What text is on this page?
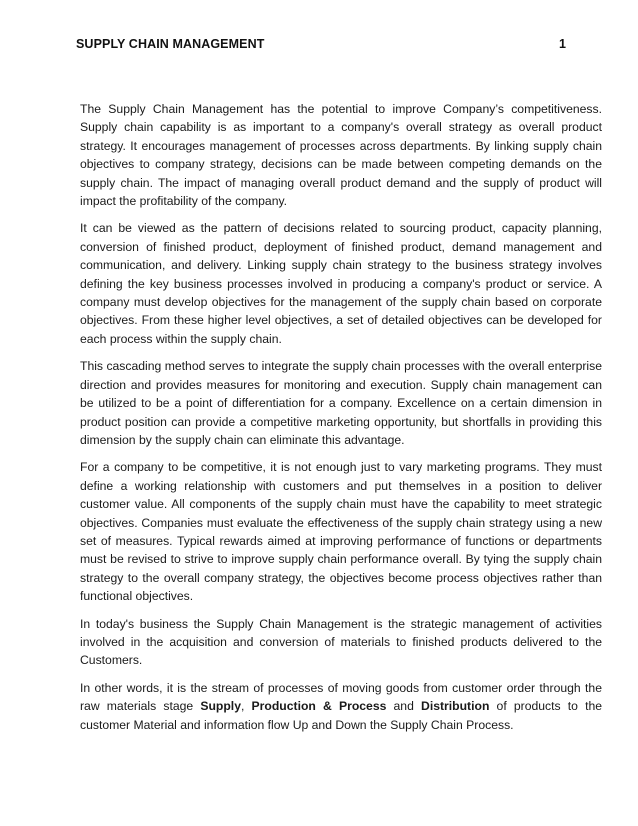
SUPPLY CHAIN MANAGEMENT	1

The Supply Chain Management has the potential to improve Company’s competitiveness. Supply chain capability is as important to a company's overall strategy as overall product strategy. It encourages management of processes across departments. By linking supply chain objectives to company strategy, decisions can be made between competing demands on the supply chain. The impact of managing overall product demand and the supply of product will impact the profitability of the company.

It can be viewed as the pattern of decisions related to sourcing product, capacity planning, conversion of finished product, deployment of finished product, demand management and communication, and delivery. Linking supply chain strategy to the business strategy involves defining the key business processes involved in producing a company's product or service. A company must develop objectives for the management of the supply chain based on corporate objectives. From these higher level objectives, a set of detailed objectives can be developed for each process within the supply chain.

This cascading method serves to integrate the supply chain processes with the overall enterprise direction and provides measures for monitoring and execution. Supply chain management can be utilized to be a point of differentiation for a company. Excellence on a certain dimension in product position can provide a competitive marketing opportunity, but shortfalls in providing this dimension by the supply chain can eliminate this advantage.

For a company to be competitive, it is not enough just to vary marketing programs. They must define a working relationship with customers and put themselves in a position to deliver customer value. All components of the supply chain must have the capability to meet strategic objectives. Companies must evaluate the effectiveness of the supply chain strategy using a new set of measures. Typical rewards aimed at improving performance of functions or departments must be revised to strive to improve supply chain performance overall. By tying the supply chain strategy to the overall company strategy, the objectives become process objectives rather than functional objectives.

In today's business the Supply Chain Management is the strategic management of activities involved in the acquisition and conversion of materials to finished products delivered to the Customers.

In other words, it is the stream of processes of moving goods from customer order through the raw materials stage Supply, Production & Process and Distribution of products to the customer Material and information flow Up and Down the Supply Chain Process.
